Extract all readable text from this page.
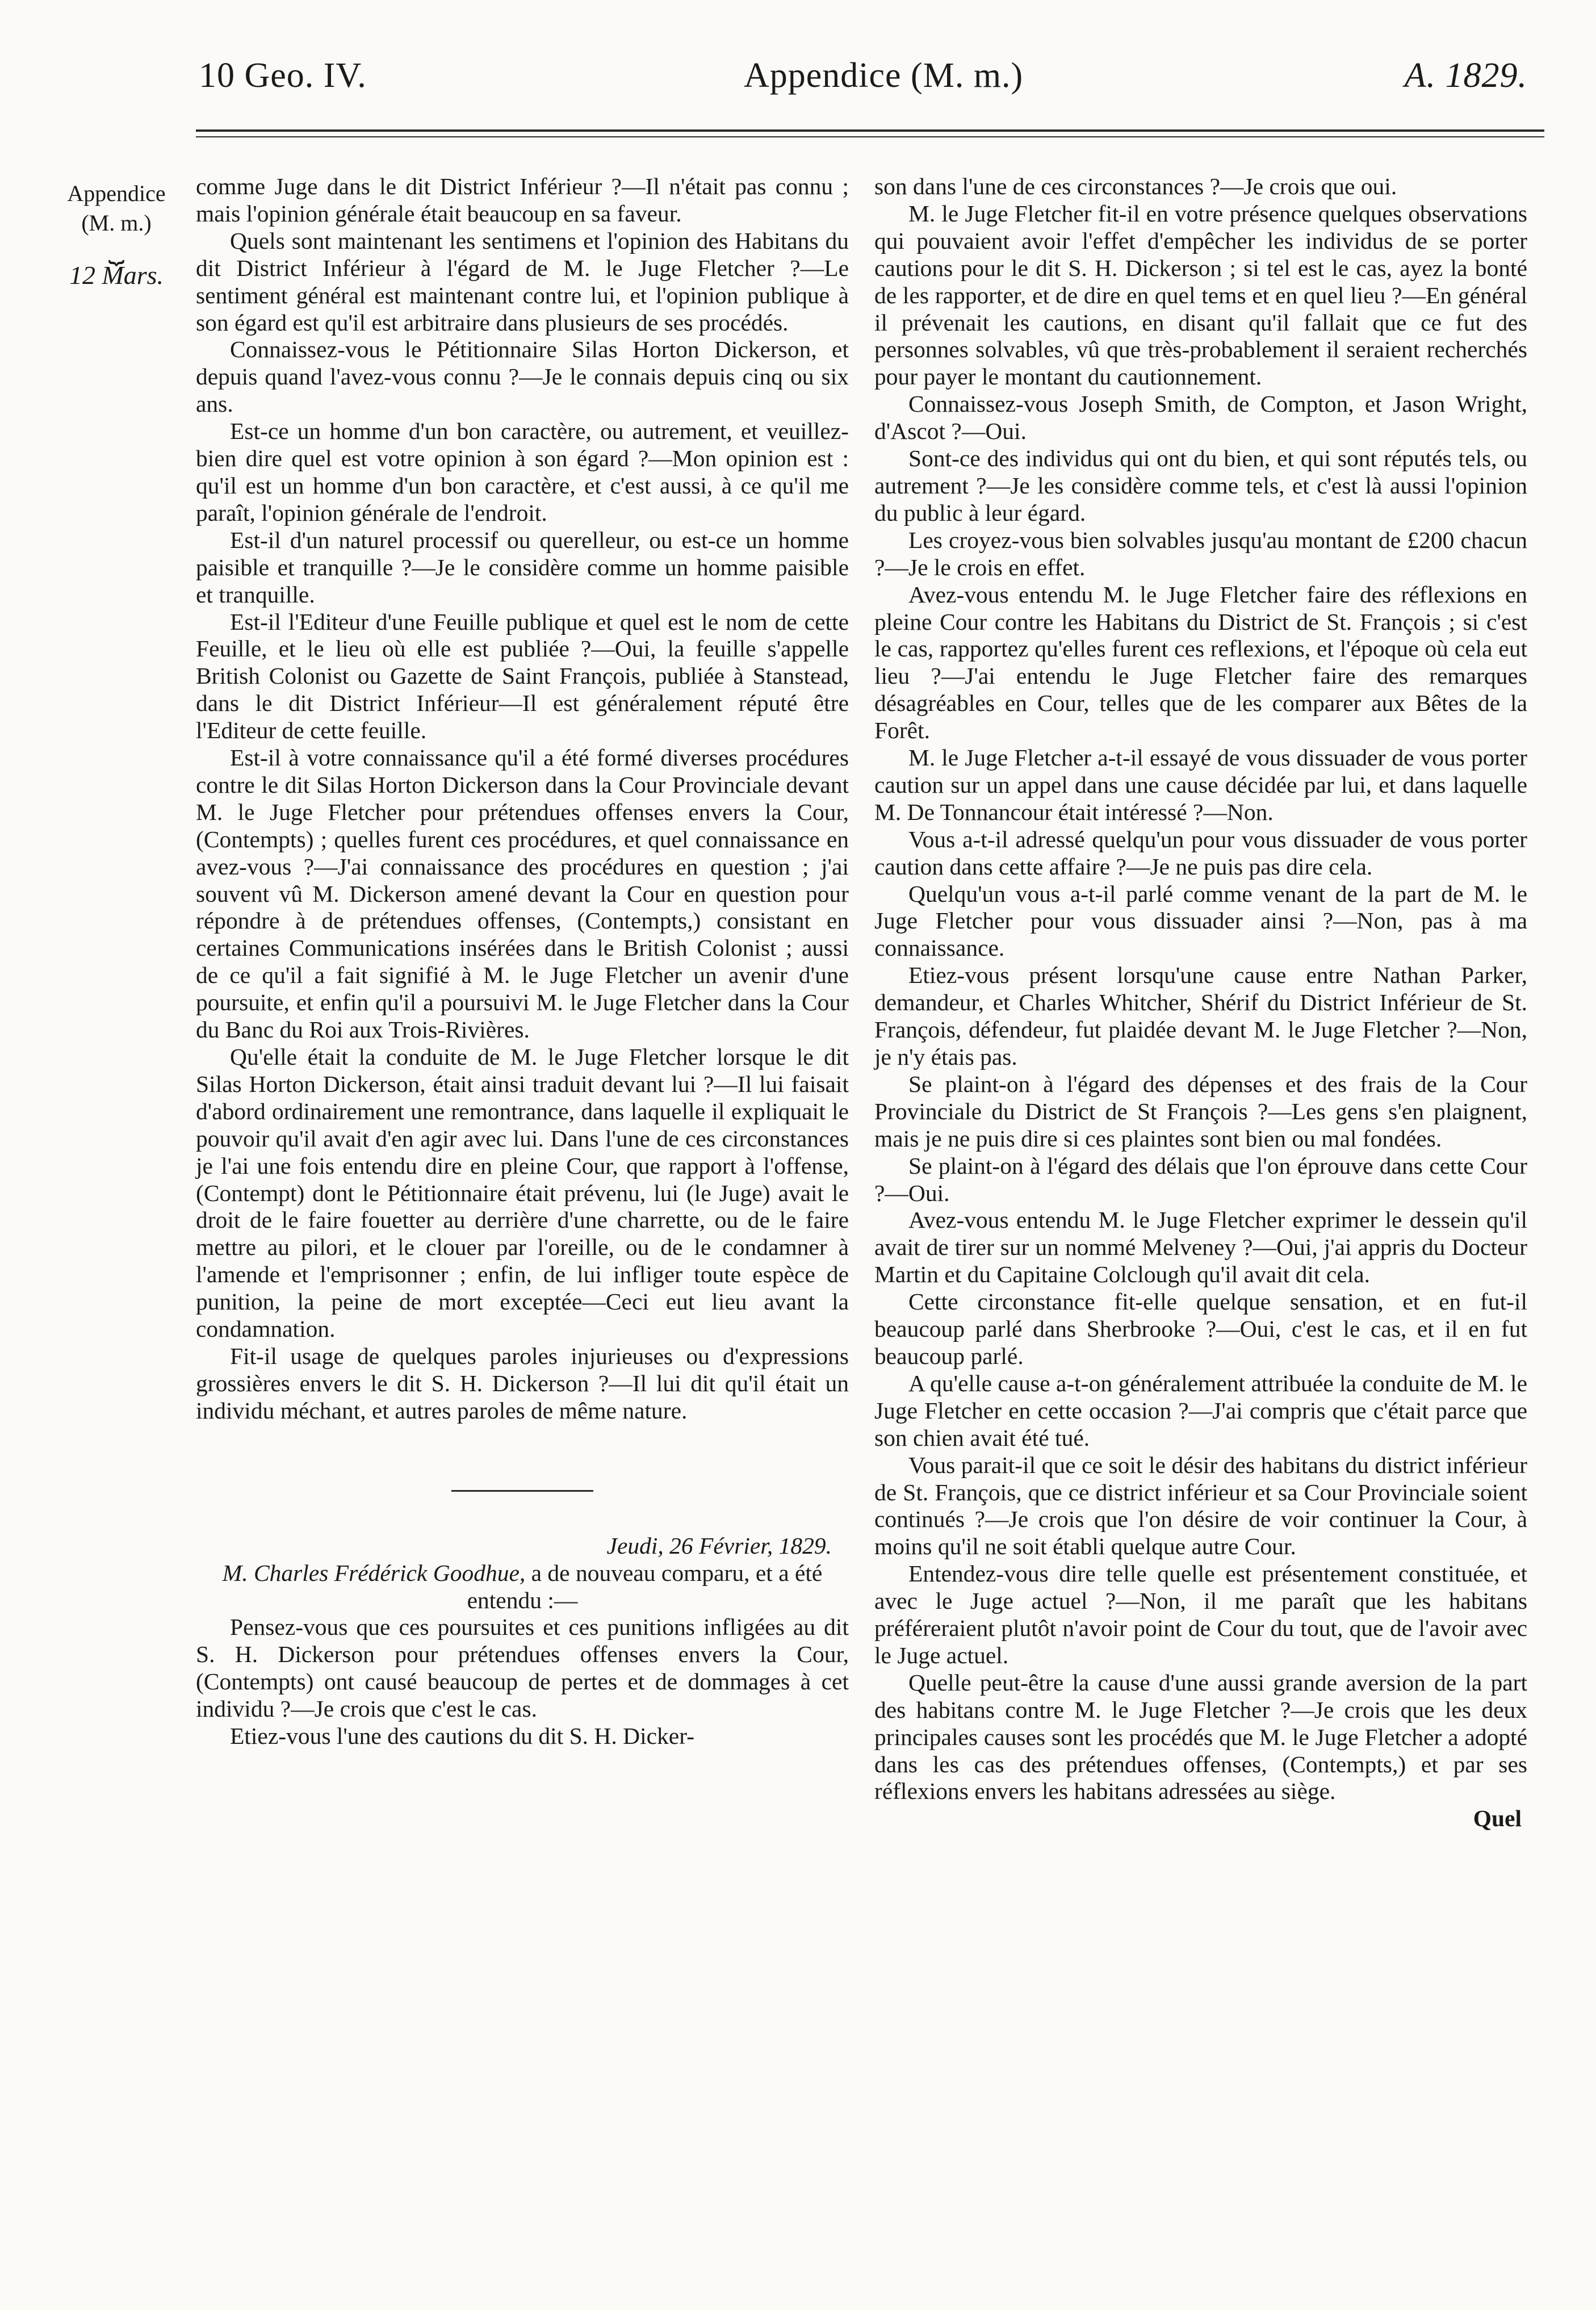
10 Geo. IV.	Appendice (M. m.)	A. 1829.
Appendice
(M. m.)
⏟
12 Mars.

comme Juge dans le dit District Inférieur ?—Il n'était pas connu ; mais l'opinion générale était beaucoup en sa faveur.

Quels sont maintenant les sentimens et l'opinion des Habitans du dit District Inférieur à l'égard de M. le Juge Fletcher ?—Le sentiment général est maintenant contre lui, et l'opinion publique à son égard est qu'il est arbitraire dans plusieurs de ses procédés.

Connaissez-vous le Pétitionnaire Silas Horton Dickerson, et depuis quand l'avez-vous connu ?—Je le connais depuis cinq ou six ans.

Est-ce un homme d'un bon caractère, ou autrement, et veuillez-bien dire quel est votre opinion à son égard ?—Mon opinion est : qu'il est un homme d'un bon caractère, et c'est aussi, à ce qu'il me paraît, l'opinion générale de l'endroit.

Est-il d'un naturel processif ou querelleur, ou est-ce un homme paisible et tranquille ?—Je le considère comme un homme paisible et tranquille.

Est-il l'Editeur d'une Feuille publique et quel est le nom de cette Feuille, et le lieu où elle est publiée ?—Oui, la feuille s'appelle British Colonist ou Gazette de Saint François, publiée à Stanstead, dans le dit District Inférieur—Il est généralement réputé être l'Editeur de cette feuille.

Est-il à votre connaissance qu'il a été formé diverses procédures contre le dit Silas Horton Dickerson dans la Cour Provinciale devant M. le Juge Fletcher pour prétendues offenses envers la Cour, (Contempts) ; quelles furent ces procédures, et quel connaissance en avez-vous ?—J'ai connaissance des procédures en question ; j'ai souvent vû M. Dickerson amené devant la Cour en question pour répondre à de prétendues offenses, (Contempts,) consistant en certaines Communications insérées dans le British Colonist ; aussi de ce qu'il a fait signifié à M. le Juge Fletcher un avenir d'une poursuite, et enfin qu'il a poursuivi M. le Juge Fletcher dans la Cour du Banc du Roi aux Trois-Rivières.

Qu'elle était la conduite de M. le Juge Fletcher lorsque le dit Silas Horton Dickerson, était ainsi traduit devant lui ?—Il lui faisait d'abord ordinairement une remontrance, dans laquelle il expliquait le pouvoir qu'il avait d'en agir avec lui. Dans l'une de ces circonstances je l'ai une fois entendu dire en pleine Cour, que rapport à l'offense, (Contempt) dont le Pétitionnaire était prévenu, lui (le Juge) avait le droit de le faire fouetter au derrière d'une charrette, ou de le faire mettre au pilori, et le clouer par l'oreille, ou de le condamner à l'amende et l'emprisonner ; enfin, de lui infliger toute espèce de punition, la peine de mort exceptée—Ceci eut lieu avant la condamnation.

Fit-il usage de quelques paroles injurieuses ou d'expressions grossières envers le dit S. H. Dickerson ?—Il lui dit qu'il était un individu méchant, et autres paroles de même nature.

Jeudi, 26 Février, 1829.

M. Charles Frédérick Goodhue, a de nouveau comparu, et a été entendu :—

Pensez-vous que ces poursuites et ces punitions infligées au dit S. H. Dickerson pour prétendues offenses envers la Cour, (Contempts) ont causé beaucoup de pertes et de dommages à cet individu ?—Je crois que c'est le cas.

Etiez-vous l'une des cautions du dit S. H. Dicker-

son dans l'une de ces circonstances ?—Je crois que oui.

M. le Juge Fletcher fit-il en votre présence quelques observations qui pouvaient avoir l'effet d'empêcher les individus de se porter cautions pour le dit S. H. Dickerson ; si tel est le cas, ayez la bonté de les rapporter, et de dire en quel tems et en quel lieu ?—En général il prévenait les cautions, en disant qu'il fallait que ce fut des personnes solvables, vû que très-probablement il seraient recherchés pour payer le montant du cautionnement.

Connaissez-vous Joseph Smith, de Compton, et Jason Wright, d'Ascot ?—Oui.

Sont-ce des individus qui ont du bien, et qui sont réputés tels, ou autrement ?—Je les considère comme tels, et c'est là aussi l'opinion du public à leur égard.

Les croyez-vous bien solvables jusqu'au montant de £200 chacun ?—Je le crois en effet.

Avez-vous entendu M. le Juge Fletcher faire des réflexions en pleine Cour contre les Habitans du District de St. François ; si c'est le cas, rapportez qu'elles furent ces reflexions, et l'époque où cela eut lieu ?—J'ai entendu le Juge Fletcher faire des remarques désagréables en Cour, telles que de les comparer aux Bêtes de la Forêt.

M. le Juge Fletcher a-t-il essayé de vous dissuader de vous porter caution sur un appel dans une cause décidée par lui, et dans laquelle M. De Tonnancour était intéressé ?—Non.

Vous a-t-il adressé quelqu'un pour vous dissuader de vous porter caution dans cette affaire ?—Je ne puis pas dire cela.

Quelqu'un vous a-t-il parlé comme venant de la part de M. le Juge Fletcher pour vous dissuader ainsi ?—Non, pas à ma connaissance.

Etiez-vous présent lorsqu'une cause entre Nathan Parker, demandeur, et Charles Whitcher, Shérif du District Inférieur de St. François, défendeur, fut plaidée devant M. le Juge Fletcher ?—Non, je n'y étais pas.

Se plaint-on à l'égard des dépenses et des frais de la Cour Provinciale du District de St François ?—Les gens s'en plaignent, mais je ne puis dire si ces plaintes sont bien ou mal fondées.

Se plaint-on à l'égard des délais que l'on éprouve dans cette Cour ?—Oui.

Avez-vous entendu M. le Juge Fletcher exprimer le dessein qu'il avait de tirer sur un nommé Melveney ?—Oui, j'ai appris du Docteur Martin et du Capitaine Colclough qu'il avait dit cela.

Cette circonstance fit-elle quelque sensation, et en fut-il beaucoup parlé dans Sherbrooke ?—Oui, c'est le cas, et il en fut beaucoup parlé.

A qu'elle cause a-t-on généralement attribuée la conduite de M. le Juge Fletcher en cette occasion ?—J'ai compris que c'était parce que son chien avait été tué.

Vous parait-il que ce soit le désir des habitans du district inférieur de St. François, que ce district inférieur et sa Cour Provinciale soient continués ?—Je crois que l'on désire de voir continuer la Cour, à moins qu'il ne soit établi quelque autre Cour.

Entendez-vous dire telle quelle est présentement constituée, et avec le Juge actuel ?—Non, il me paraît que les habitans préféreraient plutôt n'avoir point de Cour du tout, que de l'avoir avec le Juge actuel.

Quelle peut-être la cause d'une aussi grande aversion de la part des habitans contre M. le Juge Fletcher ?—Je crois que les deux principales causes sont les procédés que M. le Juge Fletcher a adopté dans les cas des prétendues offenses, (Contempts,) et par ses réflexions envers les habitans adressées au siège.

Quel
